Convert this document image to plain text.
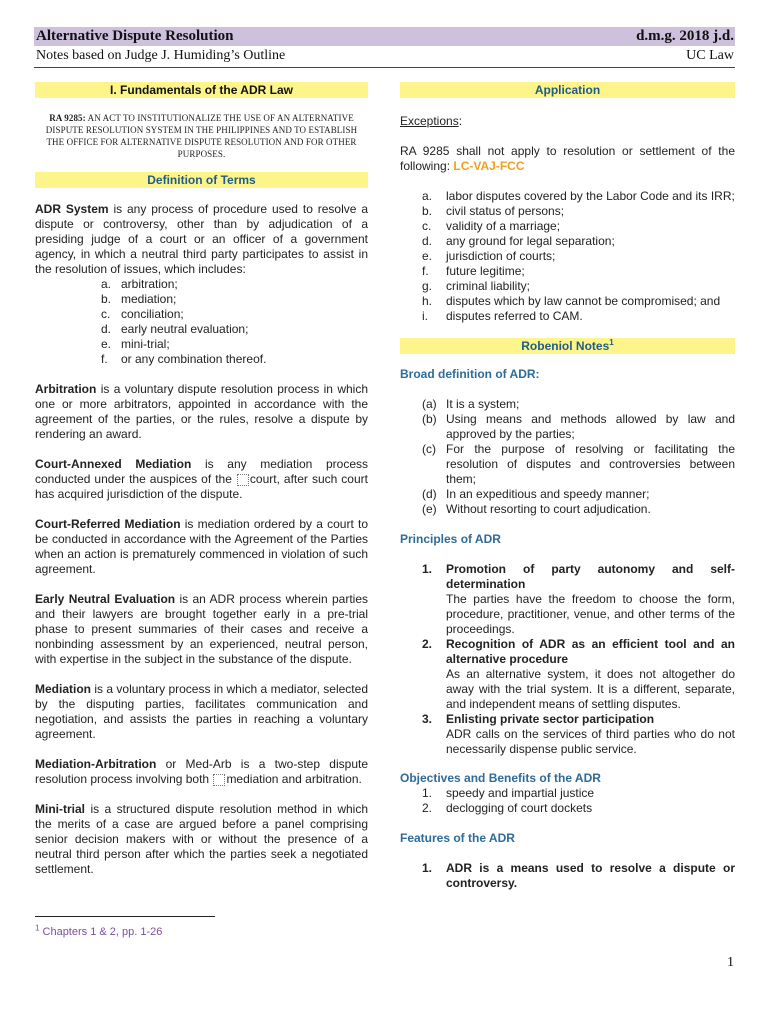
Alternative Dispute Resolution	d.m.g. 2018 j.d.
Notes based on Judge J. Humiding’s Outline	UC Law
I. Fundamentals of the ADR Law
RA 9285: AN ACT TO INSTITUTIONALIZE THE USE OF AN ALTERNATIVE DISPUTE RESOLUTION SYSTEM IN THE PHILIPPINES AND TO ESTABLISH THE OFFICE FOR ALTERNATIVE DISPUTE RESOLUTION AND FOR OTHER PURPOSES.
Definition of Terms

ADR System is any process of procedure used to resolve a dispute or controversy, other than by adjudication of a presiding judge of a court or an officer of a government agency, in which a neutral third party participates to assist in the resolution of issues, which includes:

a. arbitration;
b. mediation;
c. conciliation;
d. early neutral evaluation;
e. mini-trial;
f. or any combination thereof.

Arbitration is a voluntary dispute resolution process in which one or more arbitrators, appointed in accordance with the agreement of the parties, or the rules, resolve a dispute by rendering an award.

Court-Annexed Mediation is any mediation process conducted under the auspices of the court, after such court has acquired jurisdiction of the dispute.

Court-Referred Mediation is mediation ordered by a court to be conducted in accordance with the Agreement of the Parties when an action is prematurely commenced in violation of such agreement.

Early Neutral Evaluation is an ADR process wherein parties and their lawyers are brought together early in a pre-trial phase to present summaries of their cases and receive a nonbinding assessment by an experienced, neutral person, with expertise in the subject in the substance of the dispute.

Mediation is a voluntary process in which a mediator, selected by the disputing parties, facilitates communication and negotiation, and assists the parties in reaching a voluntary agreement.

Mediation-Arbitration or Med-Arb is a two-step dispute resolution process involving both mediation and arbitration.

Mini-trial is a structured dispute resolution method in which the merits of a case are argued before a panel comprising senior decision makers with or without the presence of a neutral third person after which the parties seek a negotiated settlement.

Application

Exceptions:

RA 9285 shall not apply to resolution or settlement of the following: LC-VAJ-FCC

a. labor disputes covered by the Labor Code and its IRR;
b. civil status of persons;
c. validity of a marriage;
d. any ground for legal separation;
e. jurisdiction of courts;
f. future legitime;
g. criminal liability;
h. disputes which by law cannot be compromised; and
i. disputes referred to CAM.
Robeniol Notes$^1$
Broad definition of ADR:
(a) It is a system;
(b) Using means and methods allowed by law and approved by the parties;

(c) For the purpose of resolving or facilitating the resolution of disputes and controversies between them;

(d) In an expeditious and speedy manner;
(e) Without resorting to court adjudication.
Principles of ADR
1. Promotion of party autonomy and self-determination

The parties have the freedom to choose the form, procedure, practitioner, venue, and other terms of the proceedings.

2. Recognition of ADR as an efficient tool and an alternative procedure

As an alternative system, it does not altogether do away with the trial system. It is a different, separate, and independent means of settling disputes.

3. Enlisting private sector participation

ADR calls on the services of third parties who do not necessarily dispense public service.

Objectives and Benefits of the ADR
1. speedy and impartial justice
2. declogging of court dockets
Features of the ADR
1. ADR is a means used to resolve a dispute or controversy.

$^1$ Chapters 1 & 2, pp. 1-26
1
